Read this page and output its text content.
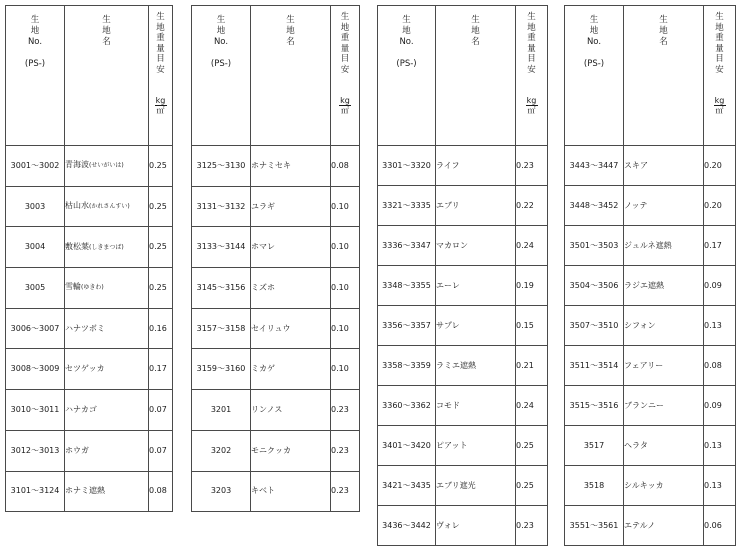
生
地
No.

(PS-)	生地名	生地重量目安
kg
㎡

3001～3002	青海波(せいがいは)	0.25
3003	枯山水(かれさんすい)	0.25
3004	敷松葉(しきまつば)	0.25
3005	雪輪(ゆきわ)	0.25
3006～3007	ハナツボミ	0.16
3008～3009	セツゲッカ	0.17
3010～3011	ハナカゴ	0.07
3012～3013	ホウガ	0.07
3101～3124	ホナミ遮熱	0.08
生
地
No.

(PS-)	生地名	生地重量目安
kg
㎡

3125～3130	ホナミセキ	0.08
3131～3132	ユラギ	0.10
3133～3144	ホマレ	0.10
3145～3156	ミズホ	0.10
3157～3158	セイリュウ	0.10
3159～3160	ミカゲ	0.10
3201	リンノス	0.23
3202	モニクッカ	0.23
3203	キベト	0.23
生
地
No.

(PS-)	生地名	生地重量目安
kg
㎡

3301～3320	ライフ	0.23
3321～3335	エブリ	0.22
3336～3347	マカロン	0.24
3348～3355	エーレ	0.19
3356～3357	サプレ	0.15
3358～3359	ラミエ遮熱	0.21
3360～3362	コモド	0.24
3401～3420	ピアット	0.25
3421～3435	エブリ遮光	0.25
3436～3442	ヴォレ	0.23
生
地
No.

(PS-)	生地名	生地重量目安
kg
㎡

3443～3447	スキア	0.20
3448～3452	ノッテ	0.20
3501～3503	ジュルネ遮熱	0.17
3504～3506	ラジエ遮熱	0.09
3507～3510	シフォン	0.13
3511～3514	フェアリー	0.08
3515～3516	ブランニー	0.09
3517	ヘラタ	0.13
3518	シルキッカ	0.13
3551～3561	エテルノ	0.06
